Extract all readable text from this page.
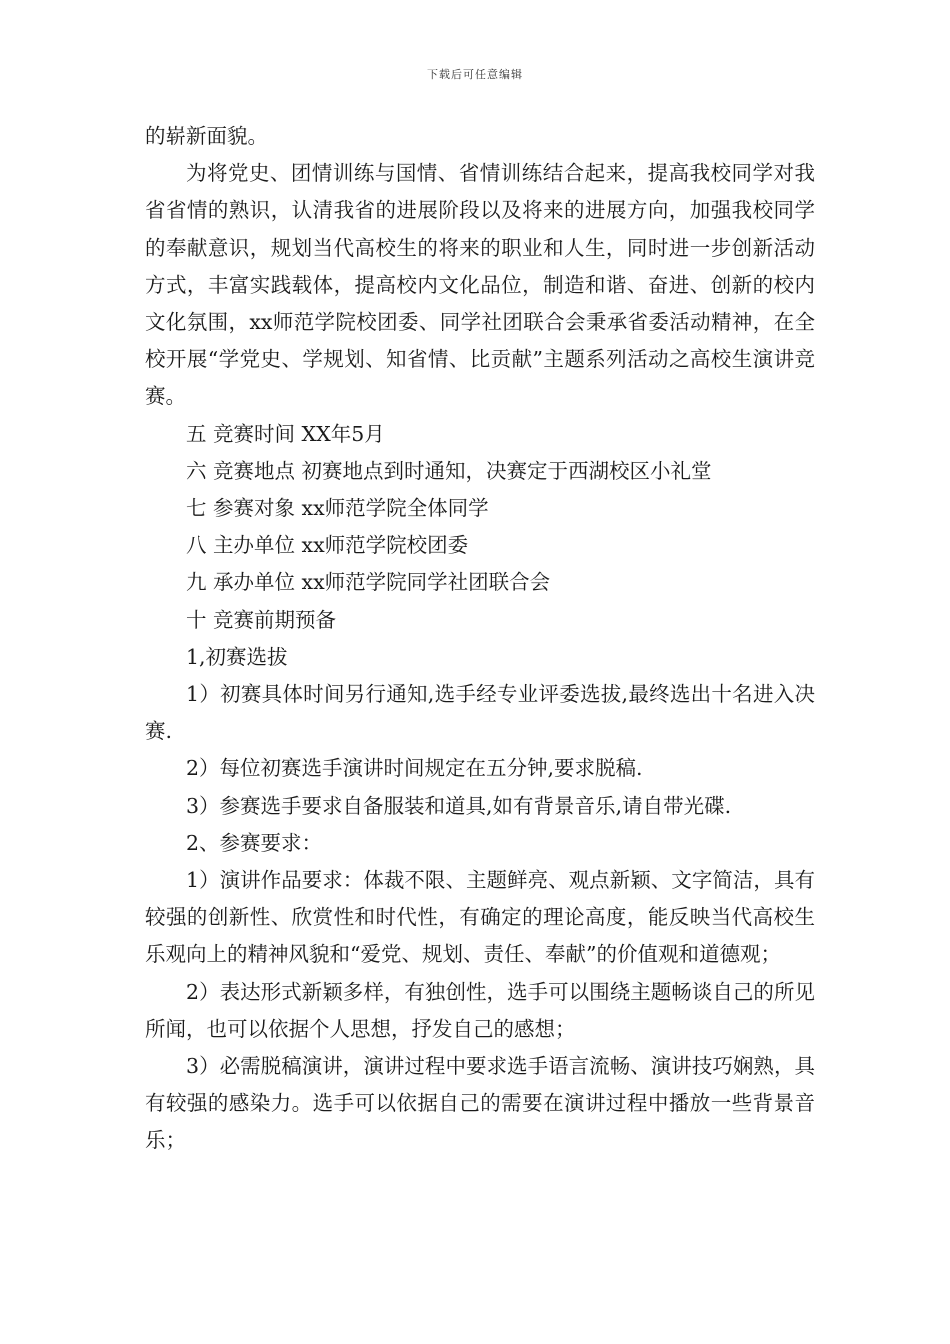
下载后可任意编辑

的崭新面貌。

为将党史、团情训练与国情、省情训练结合起来，提高我校同学对我省省情的熟识，认清我省的进展阶段以及将来的进展方向，加强我校同学的奉献意识，规划当代高校生的将来的职业和人生，同时进一步创新活动方式，丰富实践载体，提高校内文化品位，制造和谐、奋进、创新的校内文化氛围，xx师范学院校团委、同学社团联合会秉承省委活动精神，在全校开展“学党史、学规划、知省情、比贡献”主题系列活动之高校生演讲竞赛。

五 竞赛时间 XX年5月

六 竞赛地点 初赛地点到时通知，决赛定于西湖校区小礼堂

七 参赛对象 xx师范学院全体同学

八 主办单位 xx师范学院校团委

九 承办单位 xx师范学院同学社团联合会

十 竞赛前期预备

1,初赛选拔

1）初赛具体时间另行通知,选手经专业评委选拔,最终选出十名进入决赛.

2）每位初赛选手演讲时间规定在五分钟,要求脱稿.

3）参赛选手要求自备服装和道具,如有背景音乐,请自带光碟.

2、参赛要求：

1）演讲作品要求：体裁不限、主题鲜亮、观点新颖、文字简洁，具有较强的创新性、欣赏性和时代性，有确定的理论高度，能反映当代高校生乐观向上的精神风貌和“爱党、规划、责任、奉献”的价值观和道德观；

2）表达形式新颖多样，有独创性，选手可以围绕主题畅谈自己的所见所闻，也可以依据个人思想，抒发自己的感想；

3）必需脱稿演讲，演讲过程中要求选手语言流畅、演讲技巧娴熟，具有较强的感染力。选手可以依据自己的需要在演讲过程中播放一些背景音乐；
